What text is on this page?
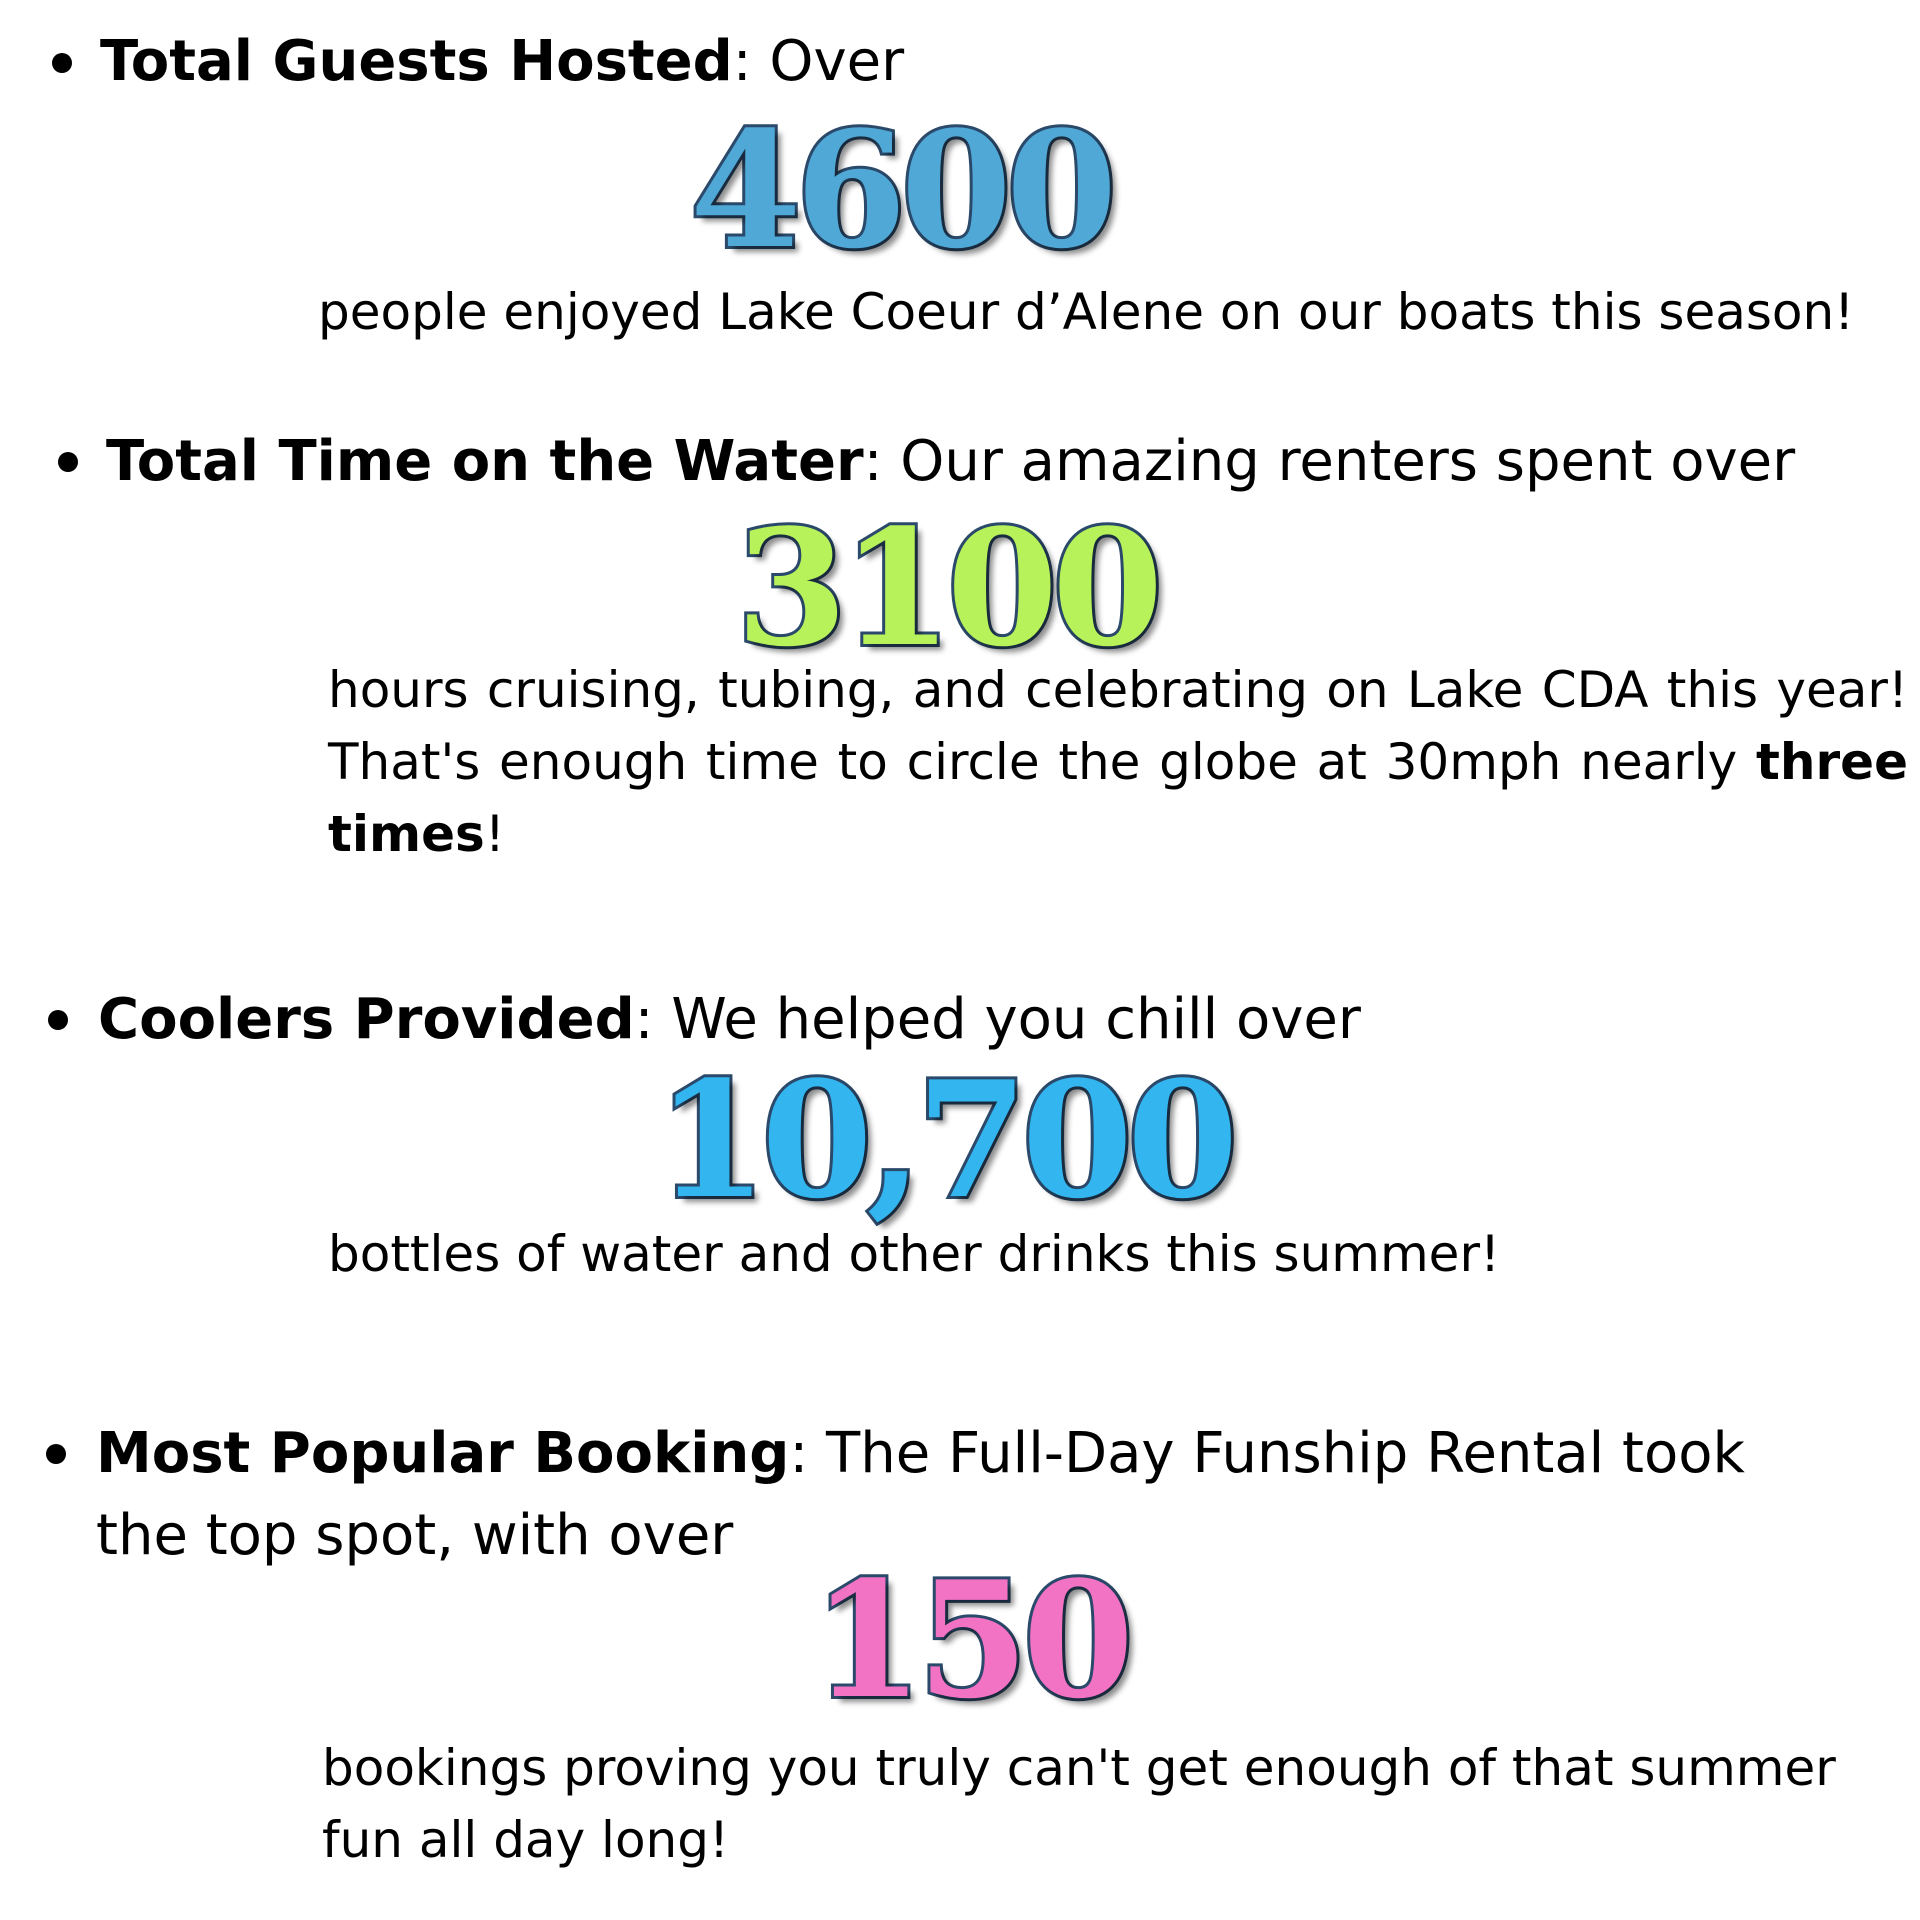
Total Guests Hosted: Over
4600
people enjoyed Lake Coeur d’Alene on our boats this season!
Total Time on the Water: Our amazing renters spent over
3100
hours cruising, tubing, and celebrating on Lake CDA this year! That's enough time to circle the globe at 30mph nearly three times!
Coolers Provided: We helped you chill over
10,700
bottles of water and other drinks this summer!
Most Popular Booking: The Full-Day Funship Rental took
the top spot, with over
150
bookings proving you truly can't get enough of that summer fun all day long!
